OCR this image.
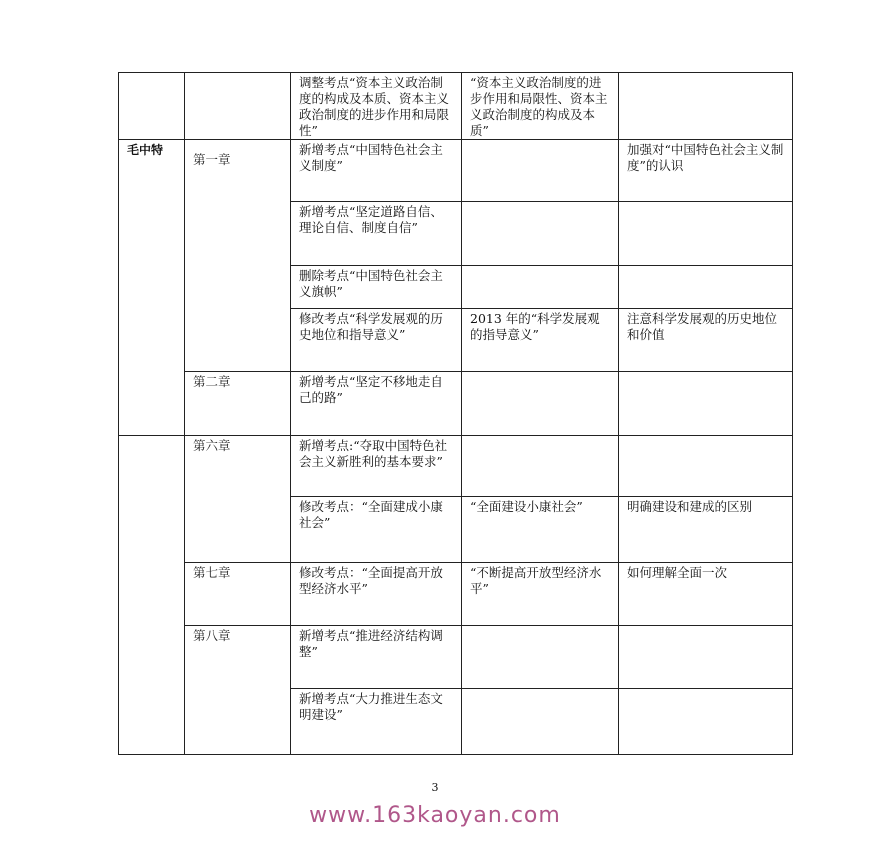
		调整考点“资本主义政治制度的构成及本质、资本主义政治制度的进步作用和局限性”	“资本主义政治制度的进步作用和局限性、资本主义政治制度的构成及本质”	
毛中特	第一章	新增考点“中国特色社会主义制度”		加强对“中国特色社会主义制度”的认识
		新增考点“坚定道路自信、理论自信、制度自信”		
		删除考点“中国特色社会主义旗帜”		
		修改考点“科学发展观的历史地位和指导意义”	2013 年的“科学发展观的指导意义”	注意科学发展观的历史地位和价值
	第二章	新增考点“坚定不移地走自己的路”		
	第六章	新增考点:“夺取中国特色社会主义新胜利的基本要求”		
		修改考点：“全面建成小康社会”	“全面建设小康社会”	明确建设和建成的区别
	第七章	修改考点：“全面提高开放型经济水平”	“不断提高开放型经济水平”	如何理解全面一次
	第八章	新增考点“推进经济结构调整”		
		新增考点“大力推进生态文明建设”		
3
www.163kaoyan.com
